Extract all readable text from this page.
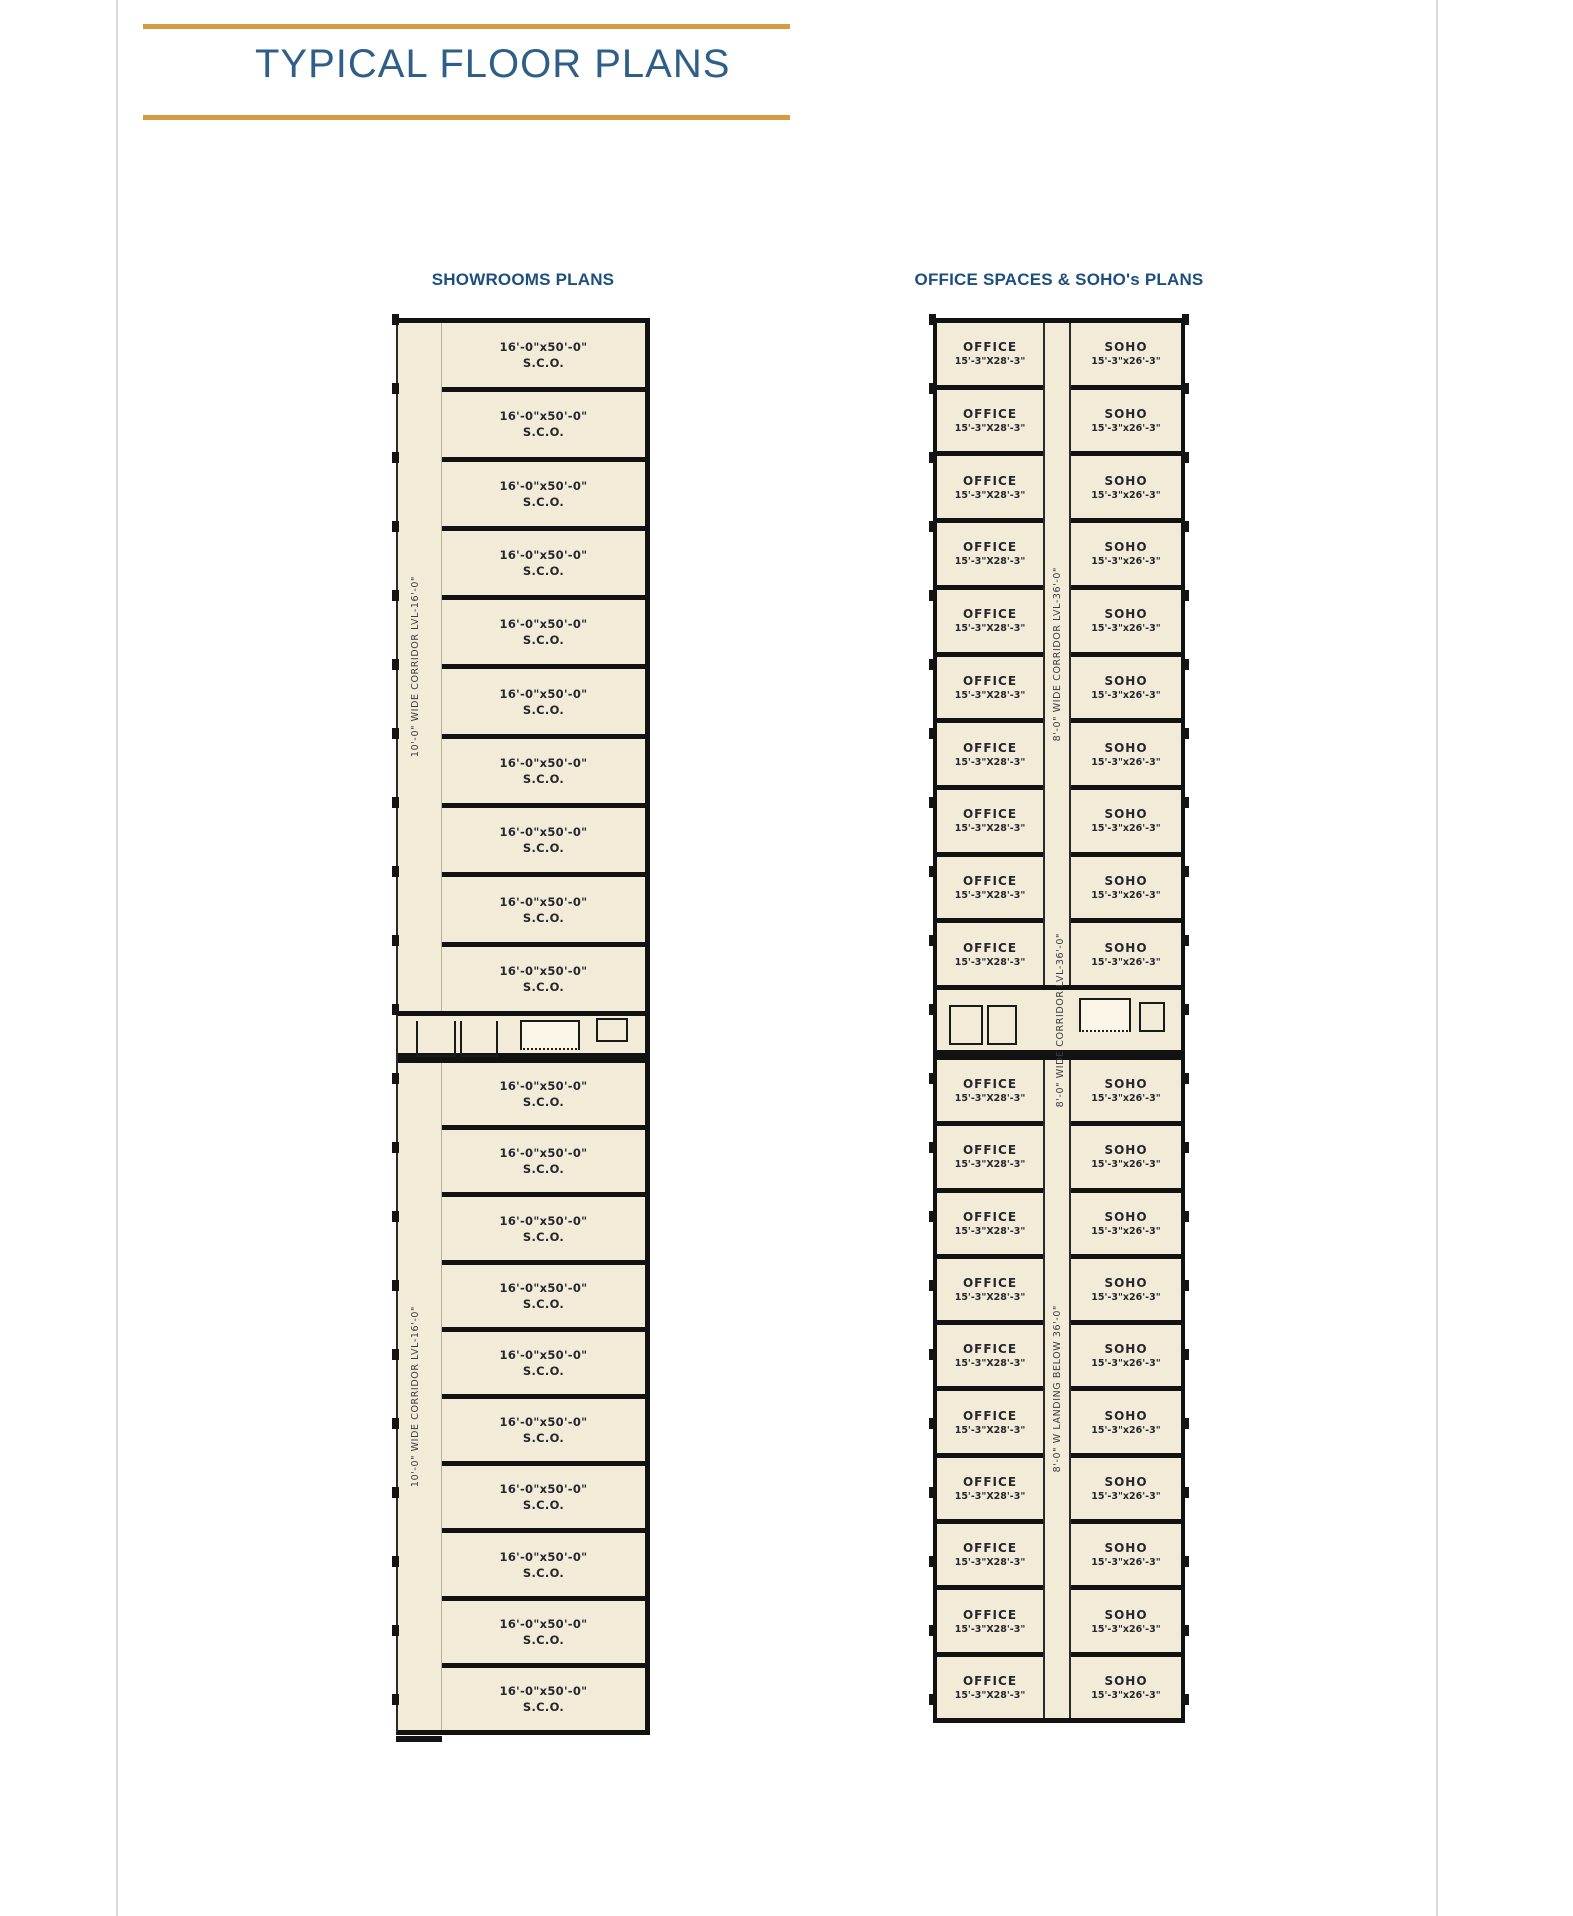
TYPICAL FLOOR PLANS
SHOWROOMS PLANS	OFFICE SPACES & SOHO's PLANS
10'-0" WIDE CORRIDOR LVL-16'-0"
16'-0"x50'-0"
S.C.O.
16'-0"x50'-0"
S.C.O.
16'-0"x50'-0"
S.C.O.
16'-0"x50'-0"
S.C.O.
16'-0"x50'-0"
S.C.O.
16'-0"x50'-0"
S.C.O.
16'-0"x50'-0"
S.C.O.
16'-0"x50'-0"
S.C.O.
16'-0"x50'-0"
S.C.O.
16'-0"x50'-0"
S.C.O.
10'-0" WIDE CORRIDOR LVL-16'-0"
16'-0"x50'-0"
S.C.O.
16'-0"x50'-0"
S.C.O.
16'-0"x50'-0"
S.C.O.
16'-0"x50'-0"
S.C.O.
16'-0"x50'-0"
S.C.O.
16'-0"x50'-0"
S.C.O.
16'-0"x50'-0"
S.C.O.
16'-0"x50'-0"
S.C.O.
16'-0"x50'-0"
S.C.O.
16'-0"x50'-0"
S.C.O.
OFFICE
15'-3"X28'-3"
OFFICE
15'-3"X28'-3"
OFFICE
15'-3"X28'-3"
OFFICE
15'-3"X28'-3"
OFFICE
15'-3"X28'-3"
OFFICE
15'-3"X28'-3"
OFFICE
15'-3"X28'-3"
OFFICE
15'-3"X28'-3"
OFFICE
15'-3"X28'-3"
OFFICE
15'-3"X28'-3"
8'-0" WIDE CORRIDOR LVL-36'-0"
SOHO
15'-3"x26'-3"
SOHO
15'-3"x26'-3"
SOHO
15'-3"x26'-3"
SOHO
15'-3"x26'-3"
SOHO
15'-3"x26'-3"
SOHO
15'-3"x26'-3"
SOHO
15'-3"x26'-3"
SOHO
15'-3"x26'-3"
SOHO
15'-3"x26'-3"
SOHO
15'-3"x26'-3"
8'-0" WIDE CORRIDOR LVL-36'-0"
OFFICE
15'-3"X28'-3"
OFFICE
15'-3"X28'-3"
OFFICE
15'-3"X28'-3"
OFFICE
15'-3"X28'-3"
OFFICE
15'-3"X28'-3"
OFFICE
15'-3"X28'-3"
OFFICE
15'-3"X28'-3"
OFFICE
15'-3"X28'-3"
OFFICE
15'-3"X28'-3"
OFFICE
15'-3"X28'-3"
8'-0" W LANDING BELOW 36'-0"
SOHO
15'-3"x26'-3"
SOHO
15'-3"x26'-3"
SOHO
15'-3"x26'-3"
SOHO
15'-3"x26'-3"
SOHO
15'-3"x26'-3"
SOHO
15'-3"x26'-3"
SOHO
15'-3"x26'-3"
SOHO
15'-3"x26'-3"
SOHO
15'-3"x26'-3"
SOHO
15'-3"x26'-3"
